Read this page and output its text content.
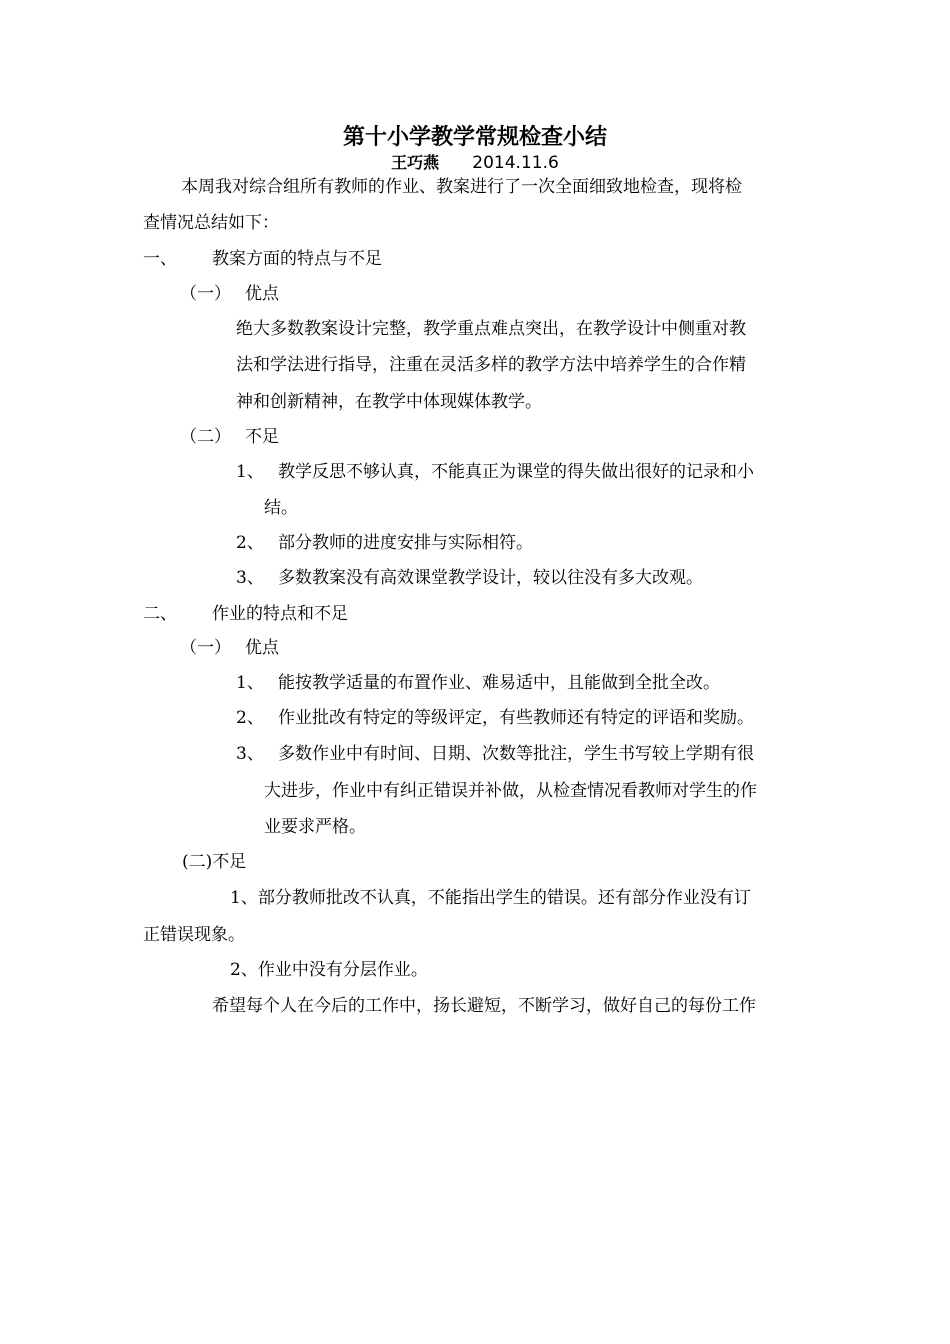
第十小学教学常规检查小结
王巧燕 2014.11.6
本周我对综合组所有教师的作业、教案进行了一次全面细致地检查，现将检
查情况总结如下：
一、 教案方面的特点与不足
（一） 优点
绝大多数教案设计完整，教学重点难点突出，在教学设计中侧重对教
法和学法进行指导，注重在灵活多样的教学方法中培养学生的合作精
神和创新精神，在教学中体现媒体教学。
（二） 不足
1、 教学反思不够认真，不能真正为课堂的得失做出很好的记录和小
结。
2、 部分教师的进度安排与实际相符。
3、 多数教案没有高效课堂教学设计，较以往没有多大改观。
二、 作业的特点和不足
（一） 优点
1、 能按教学适量的布置作业、难易适中，且能做到全批全改。
2、 作业批改有特定的等级评定，有些教师还有特定的评语和奖励。
3、 多数作业中有时间、日期、次数等批注，学生书写较上学期有很
大进步，作业中有纠正错误并补做，从检查情况看教师对学生的作
业要求严格。
(二)不足
1、部分教师批改不认真，不能指出学生的错误。还有部分作业没有订
正错误现象。
2、作业中没有分层作业。
希望每个人在今后的工作中，扬长避短，不断学习，做好自己的每份工作
